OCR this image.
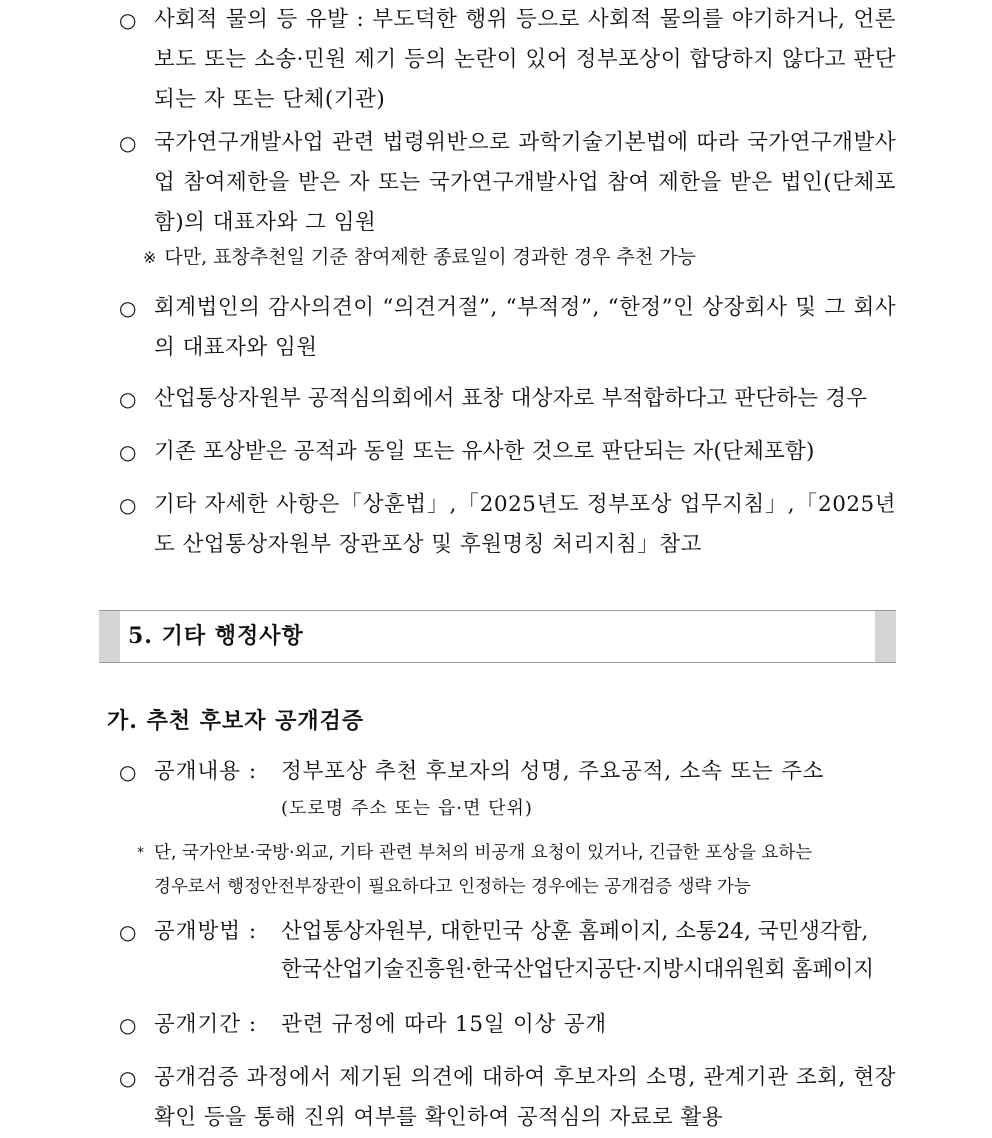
○ 사회적 물의 등 유발 : 부도덕한 행위 등으로 사회적 물의를 야기하거나, 언론 보도 또는 소송·민원 제기 등의 논란이 있어 정부포상이 합당하지 않다고 판단되는 자 또는 단체(기관)
○ 국가연구개발사업 관련 법령위반으로 과학기술기본법에 따라 국가연구개발사업 참여제한을 받은 자 또는 국가연구개발사업 참여 제한을 받은 법인(단체포함)의 대표자와 그 임원
※ 다만, 표창추천일 기준 참여제한 종료일이 경과한 경우 추천 가능
○ 회계법인의 감사의견이 “의견거절”, “부적정”, “한정”인 상장회사 및 그 회사의 대표자와 임원
○ 산업통상자원부 공적심의회에서 표창 대상자로 부적합하다고 판단하는 경우
○ 기존 포상받은 공적과 동일 또는 유사한 것으로 판단되는 자(단체포함)
○ 기타 자세한 사항은「상훈법」,「2025년도 정부포상 업무지침」,「2025년도 산업통상자원부 장관포상 및 후원명칭 처리지침」참고
5. 기타 행정사항
가. 추천 후보자 공개검증
○ 공개내용 : 정부포상 추천 후보자의 성명, 주요공적, 소속 또는 주소
(도로명 주소 또는 읍·면 단위)
* 단, 국가안보·국방·외교, 기타 관련 부처의 비공개 요청이 있거나, 긴급한 포상을 요하는
경우로서 행정안전부장관이 필요하다고 인정하는 경우에는 공개검증 생략 가능
○ 공개방법 : 산업통상자원부, 대한민국 상훈 홈페이지, 소통24, 국민생각함,
한국산업기술진흥원·한국산업단지공단·지방시대위원회 홈페이지
○ 공개기간 : 관련 규정에 따라 15일 이상 공개
○ 공개검증 과정에서 제기된 의견에 대하여 후보자의 소명, 관계기관 조회, 현장확인 등을 통해 진위 여부를 확인하여 공적심의 자료로 활용
